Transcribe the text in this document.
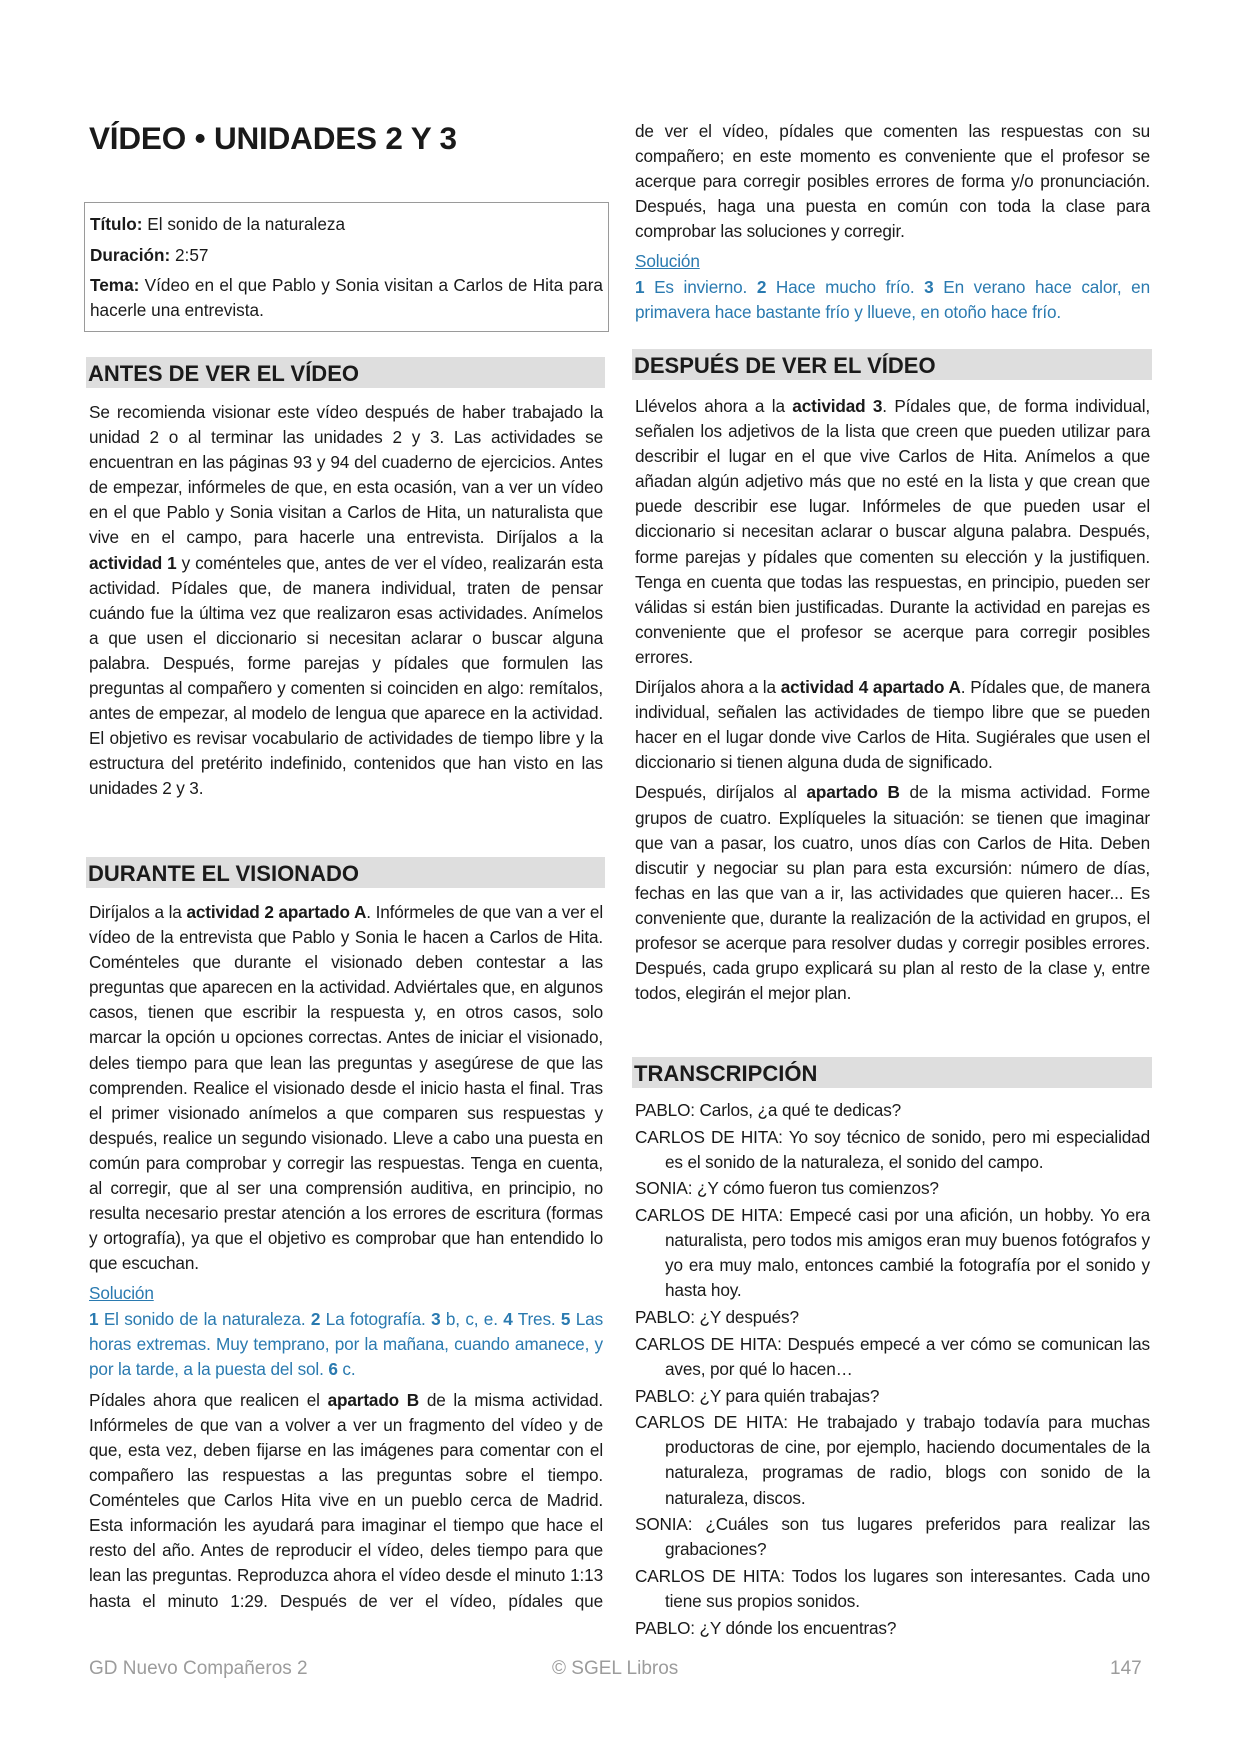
VÍDEO • UNIDADES 2 Y 3

Título: El sonido de la naturaleza

Duración: 2:57

Tema: Vídeo en el que Pablo y Sonia visitan a Carlos de Hita para hacerle una entrevista.

ANTES DE VER EL VÍDEO

Se recomienda visionar este vídeo después de haber trabajado la unidad 2 o al terminar las unidades 2 y 3. Las actividades se encuentran en las páginas 93 y 94 del cuaderno de ejercicios. Antes de empezar, infórmeles de que, en esta ocasión, van a ver un vídeo en el que Pablo y Sonia visitan a Carlos de Hita, un naturalista que vive en el campo, para hacerle una entrevista. Diríjalos a la actividad 1 y coménteles que, antes de ver el vídeo, realizarán esta actividad. Pídales que, de manera individual, traten de pensar cuándo fue la última vez que realizaron esas actividades. Anímelos a que usen el diccionario si necesitan aclarar o buscar alguna palabra. Después, forme parejas y pídales que formulen las preguntas al compañero y comenten si coinciden en algo: remítalos, antes de empezar, al modelo de lengua que aparece en la actividad. El objetivo es revisar vocabulario de actividades de tiempo libre y la estructura del pretérito indefinido, contenidos que han visto en las unidades 2 y 3.

DURANTE EL VISIONADO

Diríjalos a la actividad 2 apartado A. Infórmeles de que van a ver el vídeo de la entrevista que Pablo y Sonia le hacen a Carlos de Hita. Coménteles que durante el visionado deben contestar a las preguntas que aparecen en la actividad. Adviértales que, en algunos casos, tienen que escribir la respuesta y, en otros casos, solo marcar la opción u opciones correctas. Antes de iniciar el visionado, deles tiempo para que lean las preguntas y asegúrese de que las comprenden. Realice el visionado desde el inicio hasta el final. Tras el primer visionado anímelos a que comparen sus respuestas y después, realice un segundo visionado. Lleve a cabo una puesta en común para comprobar y corregir las respuestas. Tenga en cuenta, al corregir, que al ser una comprensión auditiva, en principio, no resulta necesario prestar atención a los errores de escritura (formas y ortografía), ya que el objetivo es comprobar que han entendido lo que escuchan.

Solución
1 El sonido de la naturaleza. 2 La fotografía. 3 b, c, e. 4 Tres. 5 Las horas extremas. Muy temprano, por la mañana, cuando amanece, y por la tarde, a la puesta del sol. 6 c.

Pídales ahora que realicen el apartado B de la misma actividad. Infórmeles de que van a volver a ver un fragmento del vídeo y de que, esta vez, deben fijarse en las imágenes para comentar con el compañero las respuestas a las preguntas sobre el tiempo. Coménteles que Carlos Hita vive en un pueblo cerca de Madrid. Esta información les ayudará para imaginar el tiempo que hace el resto del año. Antes de reproducir el vídeo, deles tiempo para que lean las preguntas. Reproduzca ahora el vídeo desde el minuto 1:13 hasta el minuto 1:29. Después de ver el vídeo, pídales que

de ver el vídeo, pídales que comenten las respuestas con su compañero; en este momento es conveniente que el profesor se acerque para corregir posibles errores de forma y/o pronunciación. Después, haga una puesta en común con toda la clase para comprobar las soluciones y corregir.

Solución
1 Es invierno. 2 Hace mucho frío. 3 En verano hace calor, en primavera hace bastante frío y llueve, en otoño hace frío.

DESPUÉS DE VER EL VÍDEO

Llévelos ahora a la actividad 3. Pídales que, de forma individual, señalen los adjetivos de la lista que creen que pueden utilizar para describir el lugar en el que vive Carlos de Hita. Anímelos a que añadan algún adjetivo más que no esté en la lista y que crean que puede describir ese lugar. Infórmeles de que pueden usar el diccionario si necesitan aclarar o buscar alguna palabra. Después, forme parejas y pídales que comenten su elección y la justifiquen. Tenga en cuenta que todas las respuestas, en principio, pueden ser válidas si están bien justificadas. Durante la actividad en parejas es conveniente que el profesor se acerque para corregir posibles errores.

Diríjalos ahora a la actividad 4 apartado A. Pídales que, de manera individual, señalen las actividades de tiempo libre que se pueden hacer en el lugar donde vive Carlos de Hita. Sugiérales que usen el diccionario si tienen alguna duda de significado.

Después, diríjalos al apartado B de la misma actividad. Forme grupos de cuatro. Explíqueles la situación: se tienen que imaginar que van a pasar, los cuatro, unos días con Carlos de Hita. Deben discutir y negociar su plan para esta excursión: número de días, fechas en las que van a ir, las actividades que quieren hacer... Es conveniente que, durante la realización de la actividad en grupos, el profesor se acerque para resolver dudas y corregir posibles errores. Después, cada grupo explicará su plan al resto de la clase y, entre todos, elegirán el mejor plan.

TRANSCRIPCIÓN

PABLO: Carlos, ¿a qué te dedicas?

CARLOS DE HITA: Yo soy técnico de sonido, pero mi especialidad es el sonido de la naturaleza, el sonido del campo.

SONIA: ¿Y cómo fueron tus comienzos?

CARLOS DE HITA: Empecé casi por una afición, un hobby. Yo era naturalista, pero todos mis amigos eran muy buenos fotógrafos y yo era muy malo, entonces cambié la fotografía por el sonido y hasta hoy.

PABLO: ¿Y después?

CARLOS DE HITA: Después empecé a ver cómo se comunican las aves, por qué lo hacen…

PABLO: ¿Y para quién trabajas?

CARLOS DE HITA: He trabajado y trabajo todavía para muchas productoras de cine, por ejemplo, haciendo documentales de la naturaleza, programas de radio, blogs con sonido de la naturaleza, discos.

SONIA: ¿Cuáles son tus lugares preferidos para realizar las grabaciones?

CARLOS DE HITA: Todos los lugares son interesantes. Cada uno tiene sus propios sonidos.

PABLO: ¿Y dónde los encuentras?

GD Nuevo Compañeros 2	© SGEL Libros	147
